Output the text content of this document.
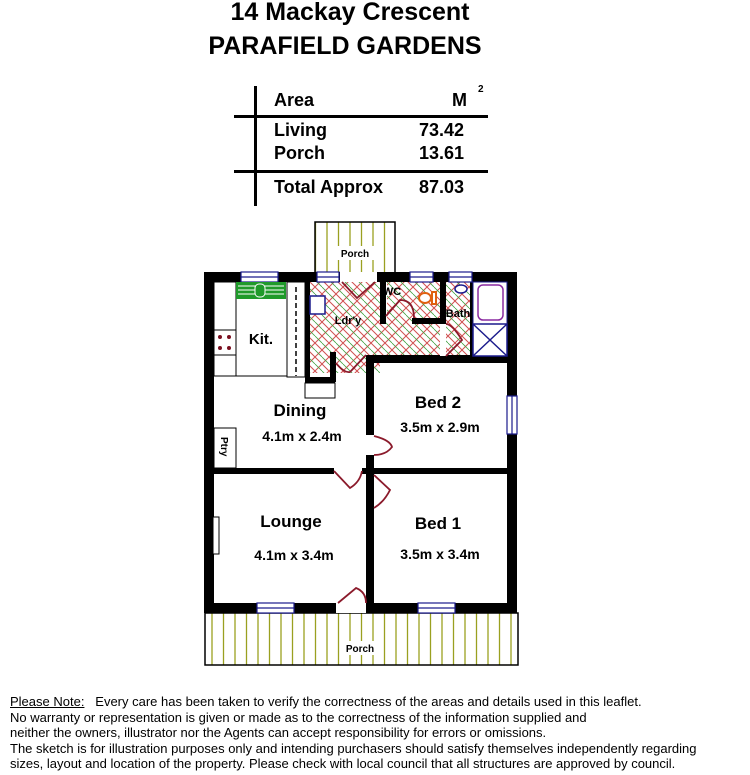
14 Mackay Crescent
PARAFIELD GARDENS
Area	M
2
Living	73.42
Porch	13.61
Total Approx 87.03
Porch
Porch
Ptry
Ldr'y
WC
Bath
Kit.
Dining
4.1m x 2.4m
Bed 2
3.5m x 2.9m
Lounge
4.1m x 3.4m
Bed 1
3.5m x 3.4m
Please Note: Every care has been taken to verify the correctness of the areas and details used in this leaflet.
No warranty or representation is given or made as to the correctness of the information supplied and
neither the owners, illustrator nor the Agents can accept responsibility for errors or omissions.
The sketch is for illustration purposes only and intending purchasers should satisfy themselves independently regarding
sizes, layout and location of the property. Please check with local council that all structures are approved by council.
